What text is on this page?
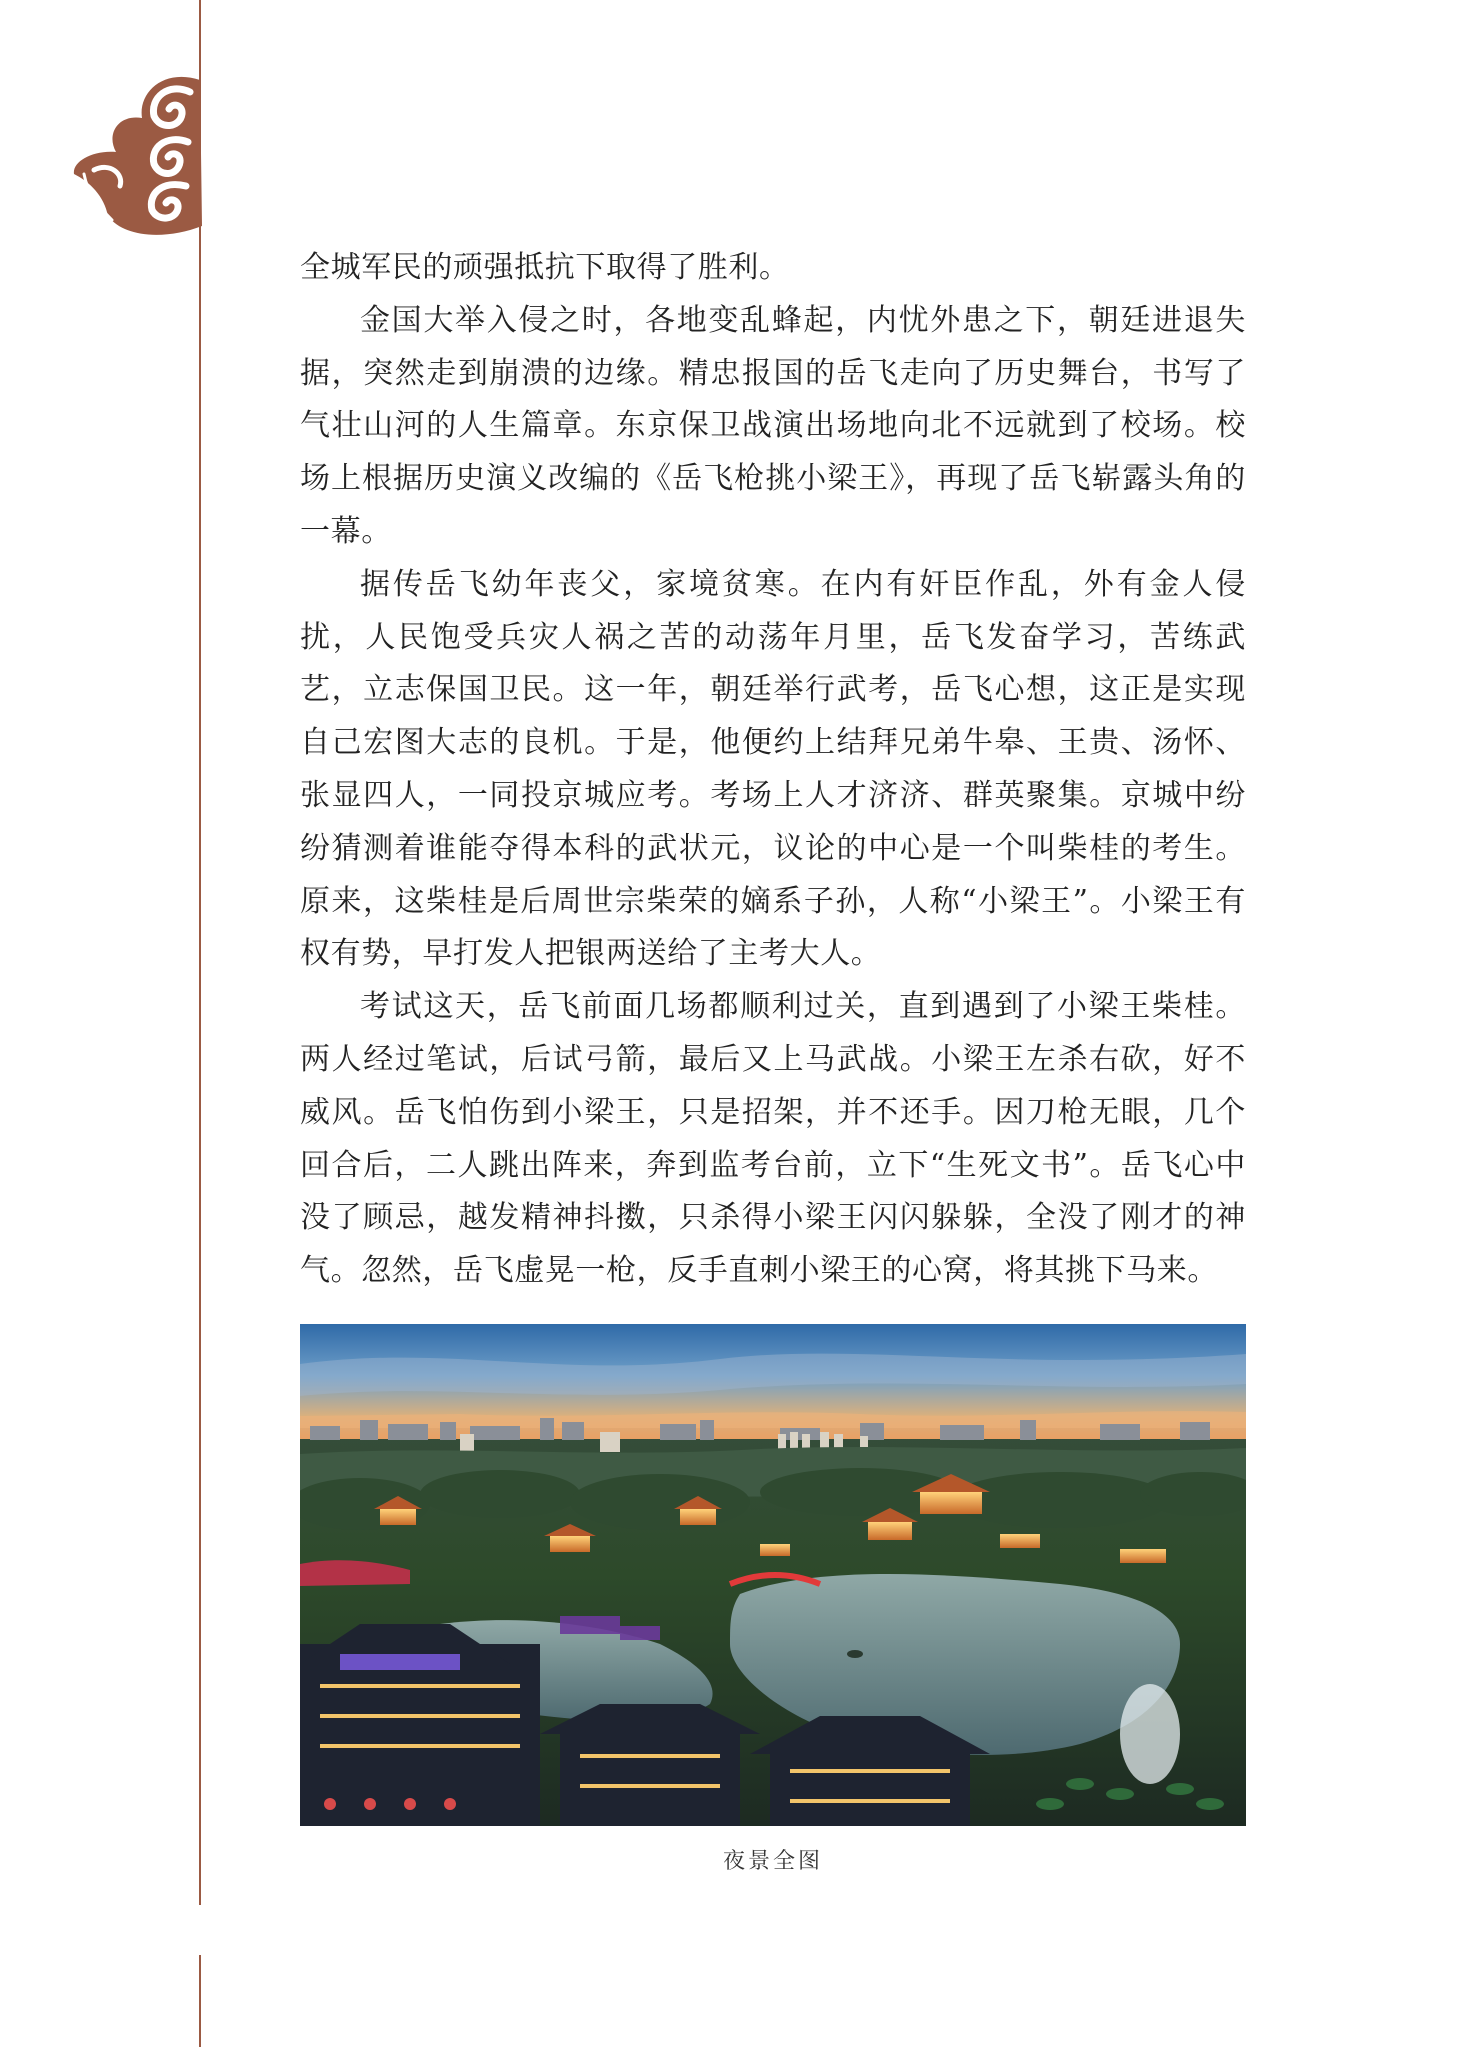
全城军民的顽强抵抗下取得了胜利。

金国大举入侵之时，各地变乱蜂起，内忧外患之下，朝廷进退失据，突然走到崩溃的边缘。精忠报国的岳飞走向了历史舞台，书写了气壮山河的人生篇章。东京保卫战演出场地向北不远就到了校场。校场上根据历史演义改编的《岳飞枪挑小梁王》，再现了岳飞崭露头角的一幕。

据传岳飞幼年丧父，家境贫寒。在内有奸臣作乱，外有金人侵扰，人民饱受兵灾人祸之苦的动荡年月里，岳飞发奋学习，苦练武艺，立志保国卫民。这一年，朝廷举行武考，岳飞心想，这正是实现自己宏图大志的良机。于是，他便约上结拜兄弟牛皋、王贵、汤怀、张显四人，一同投京城应考。考场上人才济济、群英聚集。京城中纷纷猜测着谁能夺得本科的武状元，议论的中心是一个叫柴桂的考生。原来，这柴桂是后周世宗柴荣的嫡系子孙，人称“小梁王”。小梁王有权有势，早打发人把银两送给了主考大人。

考试这天，岳飞前面几场都顺利过关，直到遇到了小梁王柴桂。两人经过笔试，后试弓箭，最后又上马武战。小梁王左杀右砍，好不威风。岳飞怕伤到小梁王，只是招架，并不还手。因刀枪无眼，几个回合后，二人跳出阵来，奔到监考台前，立下“生死文书”。岳飞心中没了顾忌，越发精神抖擞，只杀得小梁王闪闪躲躲，全没了刚才的神气。忽然，岳飞虚晃一枪，反手直刺小梁王的心窝，将其挑下马来。

夜景全图
